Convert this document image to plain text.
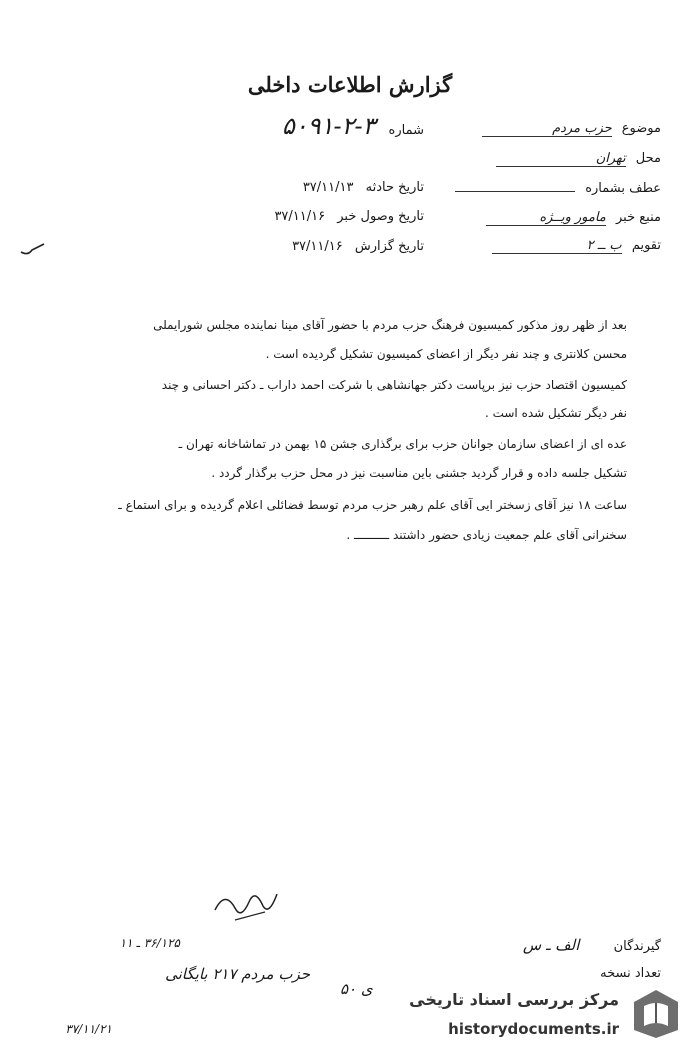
گزارش اطلاعات داخلی
موضوع حزب مردم
محل تهران
عطف بشماره
منبع خبر مامور ویــژه
تقویم ب ــ ۲
شماره ۳-۲-۵۰۹۱
تاریخ حادثه ۳۷/۱۱/۱۳
تاریخ وصول خبر ۳۷/۱۱/۱۶
تاریخ گزارش ۳۷/۱۱/۱۶
بعد از ظهر روز مذکور کمیسیون فرهنگ حزب مردم با حضور آقای مینا نماینده مجلس شورایملی
محسن کلانتری و چند نفر دیگر از اعضای کمیسیون تشکیل گردیده است .
کمیسیون اقتصاد حزب نیز برپاست دکتر جهانشاهی با شرکت احمد داراب ـ دکتر احسانی و چند
نفر دیگر تشکیل شده است .
عده ای از اعضای سازمان جوانان حزب برای برگذاری جشن ۱۵ بهمن در تماشاخانه تهران ـ
تشکیل جلسه داده و قرار گردید جشنی باین مناسبت نیز در محل حزب برگذار گردد .
ساعت ۱۸ نیز آقای زسختر ایی آقای علم رهبر حزب مردم توسط فضائلی اعلام گردیده و برای استماع ـ
سخنرانی آقای علم جمعیت زیادی حضور داشتند ــــــــــ .
گیرندگان الف ـ س
تعداد نسخه
ی ۵۰
۳۶/۱۲۵ ـ ۱۱
حزب مردم ۲۱۷ بایگانی
۳۷/۱۱/۲۱
مرکز بررسی اسناد تاریخی
historydocuments.ir
